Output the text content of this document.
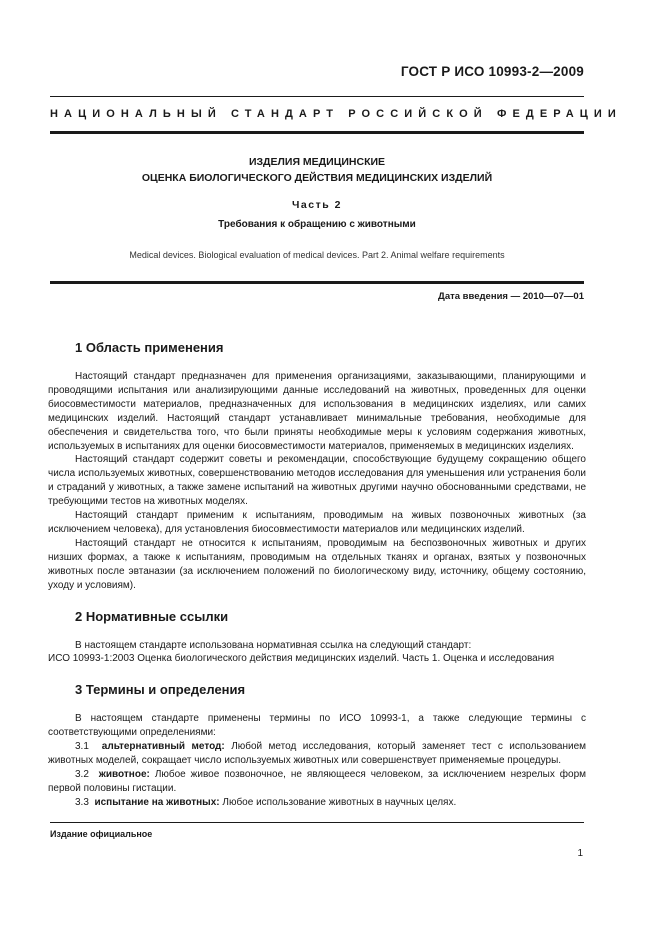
ГОСТ Р ИСО 10993-2—2009
НАЦИОНАЛЬНЫЙ СТАНДАРТ РОССИЙСКОЙ ФЕДЕРАЦИИ
ИЗДЕЛИЯ МЕДИЦИНСКИЕ
ОЦЕНКА БИОЛОГИЧЕСКОГО ДЕЙСТВИЯ МЕДИЦИНСКИХ ИЗДЕЛИЙ
Часть 2
Требования к обращению с животными
Medical devices. Biological evaluation of medical devices. Part 2. Animal welfare requirements
Дата введения — 2010—07—01
1 Область применения

Настоящий стандарт предназначен для применения организациями, заказывающими, планирующими и проводящими испытания или анализирующими данные исследований на животных, проведенных для оценки биосовместимости материалов, предназначенных для использования в медицинских изделиях, или самих медицинских изделий. Настоящий стандарт устанавливает минимальные требования, необходимые для обеспечения и свидетельства того, что были приняты необходимые меры к условиям содержания животных, используемых в испытаниях для оценки биосовместимости материалов, применяемых в медицинских изделиях.

Настоящий стандарт содержит советы и рекомендации, способствующие будущему сокращению общего числа используемых животных, совершенствованию методов исследования для уменьшения или устранения боли и страданий у животных, а также замене испытаний на животных другими научно обоснованными средствами, не требующими тестов на животных моделях.

Настоящий стандарт применим к испытаниям, проводимым на живых позвоночных животных (за исключением человека), для установления биосовместимости материалов или медицинских изделий.

Настоящий стандарт не относится к испытаниям, проводимым на беспозвоночных животных и других низших формах, а также к испытаниям, проводимым на отдельных тканях и органах, взятых у позвоночных животных после эвтаназии (за исключением положений по биологическому виду, источнику, общему состоянию, уходу и условиям).

2 Нормативные ссылки

В настоящем стандарте использована нормативная ссылка на следующий стандарт:

ИСО 10993-1:2003 Оценка биологического действия медицинских изделий. Часть 1. Оценка и исследования

3 Термины и определения

В настоящем стандарте применены термины по ИСО 10993-1, а также следующие термины с соответствующими определениями:

3.1 альтернативный метод: Любой метод исследования, который заменяет тест с использованием животных моделей, сокращает число используемых животных или совершенствует применяемые процедуры.

3.2 животное: Любое живое позвоночное, не являющееся человеком, за исключением незрелых форм первой половины гистации.

3.3 испытание на животных: Любое использование животных в научных целях.

Издание официальное
1
